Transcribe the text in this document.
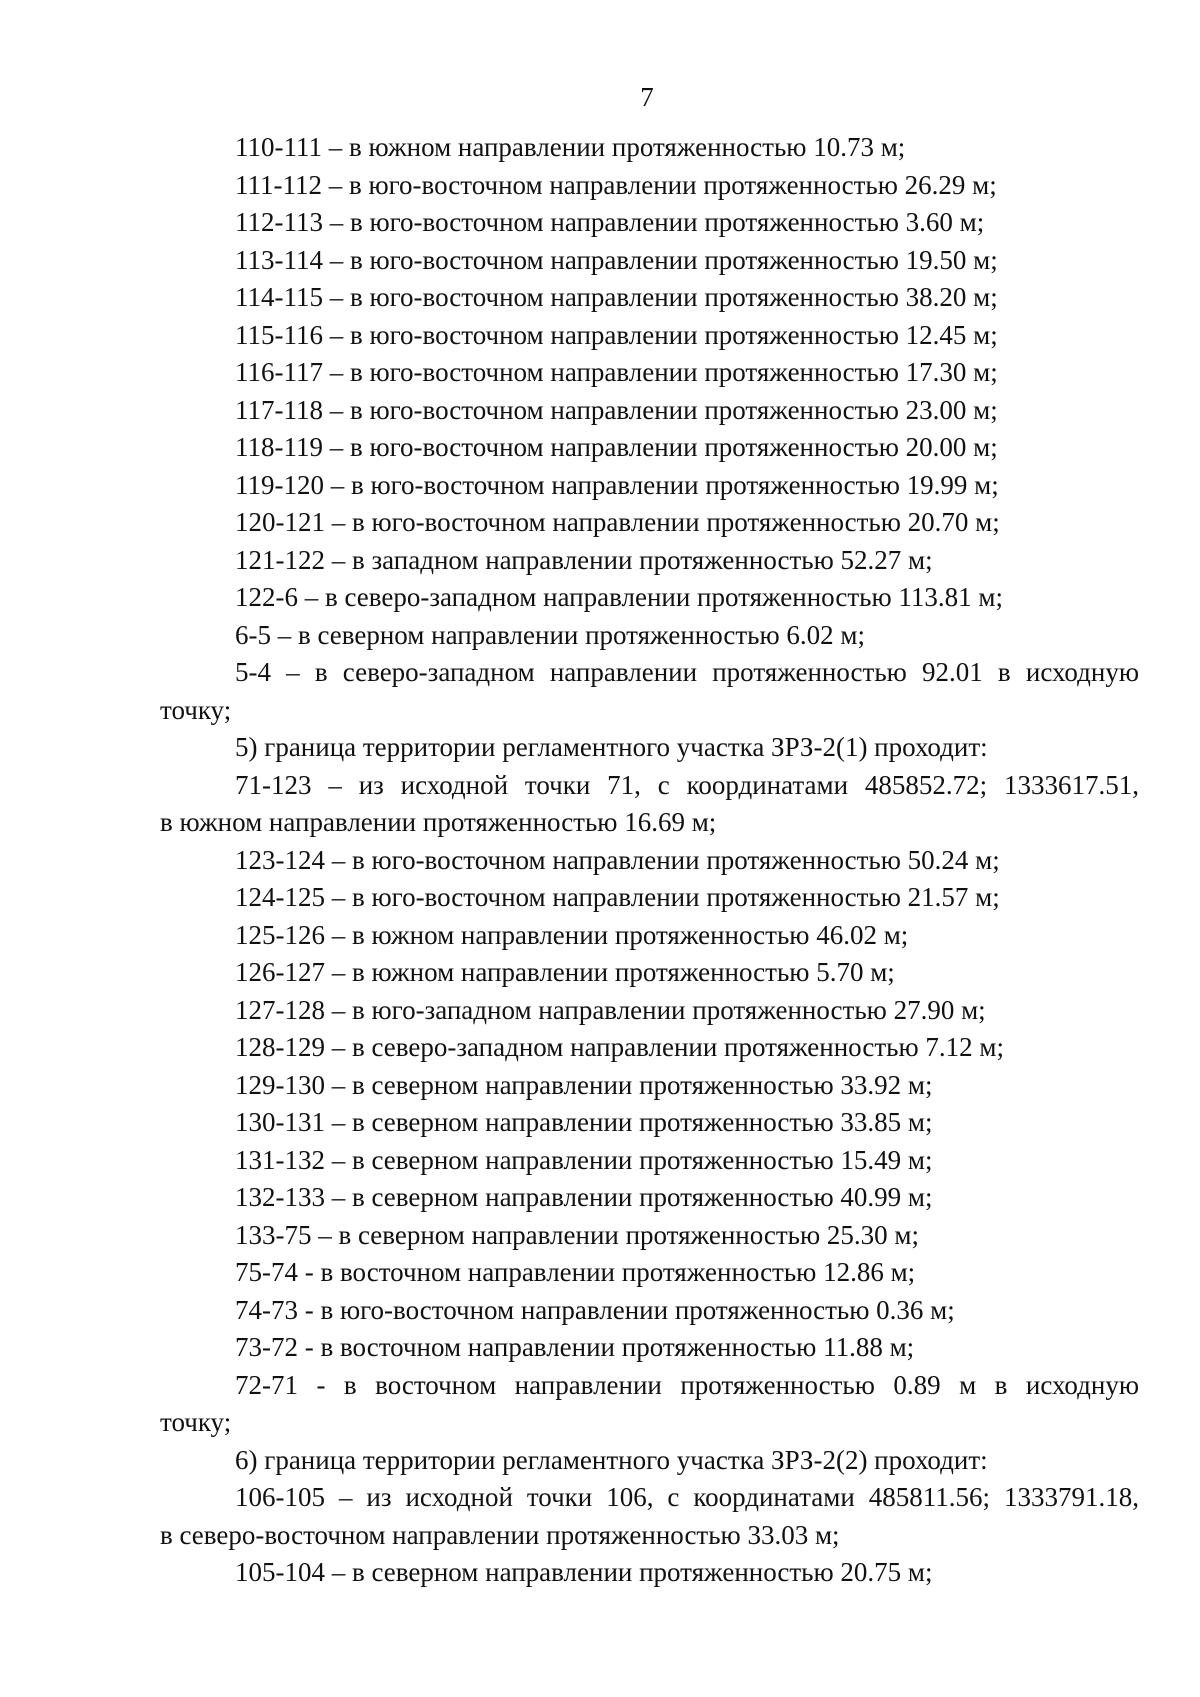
7
110-111 – в южном направлении протяженностью 10.73 м;
111-112 – в юго-восточном направлении протяженностью 26.29 м;
112-113 – в юго-восточном направлении протяженностью 3.60 м;
113-114 – в юго-восточном направлении протяженностью 19.50 м;
114-115 – в юго-восточном направлении протяженностью 38.20 м;
115-116 – в юго-восточном направлении протяженностью 12.45 м;
116-117 – в юго-восточном направлении протяженностью 17.30 м;
117-118 – в юго-восточном направлении протяженностью 23.00 м;
118-119 – в юго-восточном направлении протяженностью 20.00 м;
119-120 – в юго-восточном направлении протяженностью 19.99 м;
120-121 – в юго-восточном направлении протяженностью 20.70 м;
121-122 – в западном направлении протяженностью 52.27 м;
122-6 – в северо-западном направлении протяженностью 113.81 м;
6-5 – в северном направлении протяженностью 6.02 м;
5-4 – в северо-западном направлении протяженностью 92.01 в исходную
точку;
5) граница территории регламентного участка ЗРЗ-2(1) проходит:
71-123 – из исходной точки 71, с координатами 485852.72; 1333617.51,
в южном направлении протяженностью 16.69 м;
123-124 – в юго-восточном направлении протяженностью 50.24 м;
124-125 – в юго-восточном направлении протяженностью 21.57 м;
125-126 – в южном направлении протяженностью 46.02 м;
126-127 – в южном направлении протяженностью 5.70 м;
127-128 – в юго-западном направлении протяженностью 27.90 м;
128-129 – в северо-западном направлении протяженностью 7.12 м;
129-130 – в северном направлении протяженностью 33.92 м;
130-131 – в северном направлении протяженностью 33.85 м;
131-132 – в северном направлении протяженностью 15.49 м;
132-133 – в северном направлении протяженностью 40.99 м;
133-75 – в северном направлении протяженностью 25.30 м;
75-74 - в восточном направлении протяженностью 12.86 м;
74-73 - в юго-восточном направлении протяженностью 0.36 м;
73-72 - в восточном направлении протяженностью 11.88 м;
72-71 - в восточном направлении протяженностью 0.89 м в исходную
точку;
6) граница территории регламентного участка ЗРЗ-2(2) проходит:
106-105 – из исходной точки 106, с координатами 485811.56; 1333791.18,
в северо-восточном направлении протяженностью 33.03 м;
105-104 – в северном направлении протяженностью 20.75 м;
